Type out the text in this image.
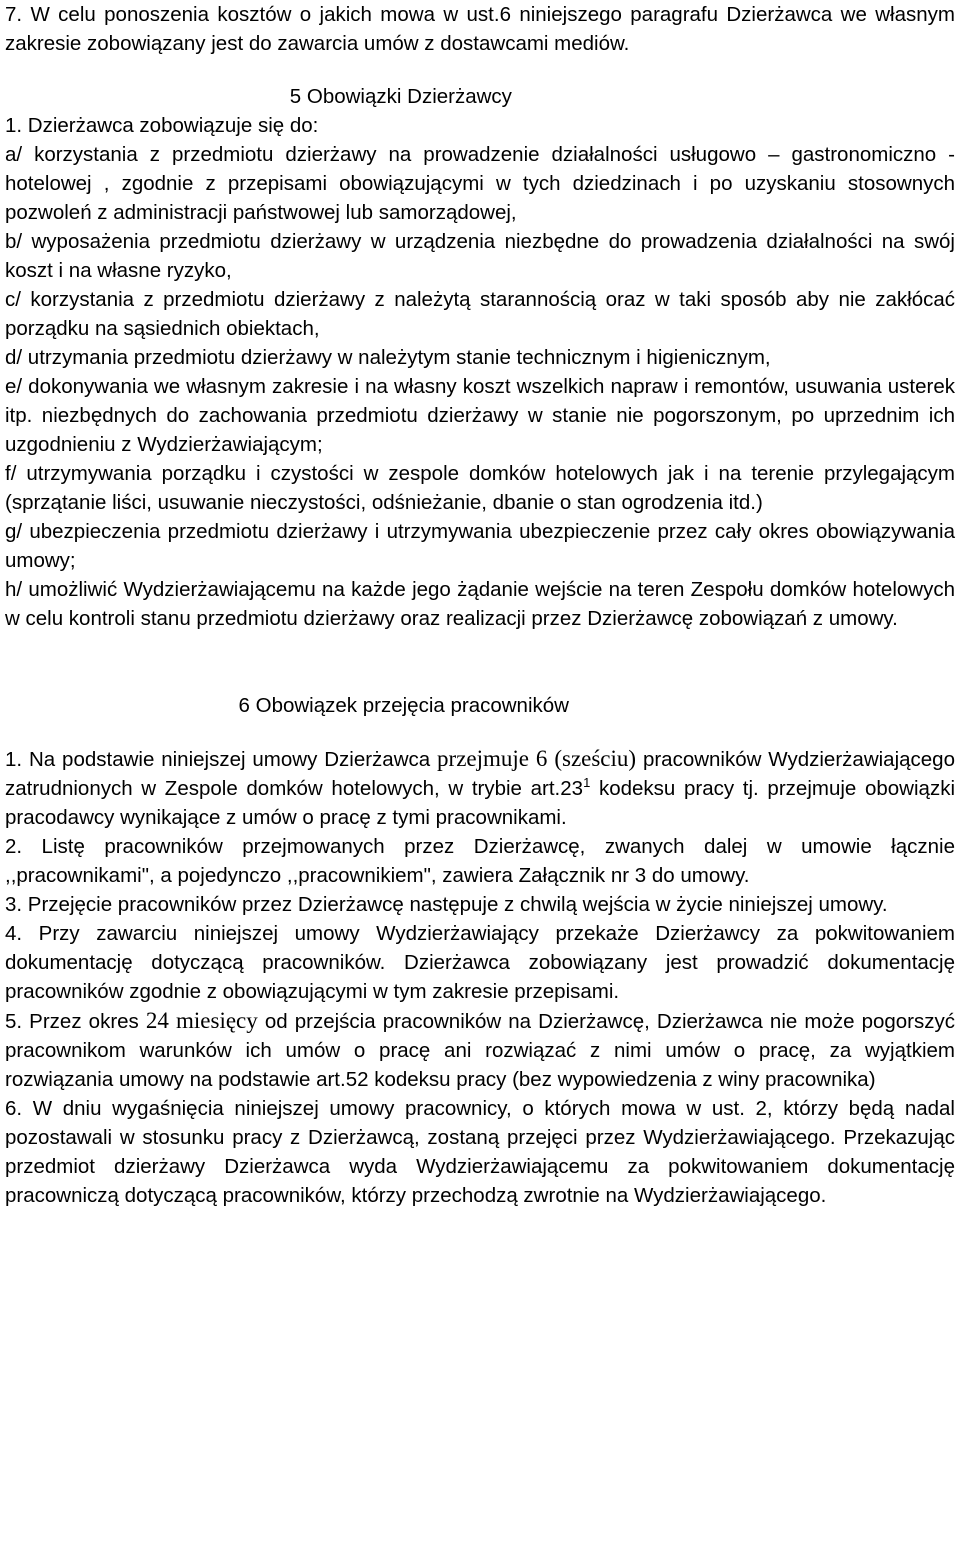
7. W celu ponoszenia kosztów o jakich mowa w ust.6 niniejszego paragrafu Dzierżawca we własnym zakresie zobowiązany jest do zawarcia umów z dostawcami mediów.

5 Obowiązki Dzierżawcy

1. Dzierżawca zobowiązuje się do:

a/ korzystania z przedmiotu dzierżawy na prowadzenie działalności usługowo – gastronomiczno - hotelowej , zgodnie z przepisami obowiązującymi w tych dziedzinach i po uzyskaniu stosownych pozwoleń z administracji państwowej lub samorządowej,

b/ wyposażenia przedmiotu dzierżawy w urządzenia niezbędne do prowadzenia działalności na swój koszt i na własne ryzyko,

c/ korzystania z przedmiotu dzierżawy z należytą starannością oraz w taki sposób aby nie zakłócać porządku na sąsiednich obiektach,

d/ utrzymania przedmiotu dzierżawy w należytym stanie technicznym i higienicznym,

e/ dokonywania we własnym zakresie i na własny koszt wszelkich napraw i remontów, usuwania usterek itp. niezbędnych do zachowania przedmiotu dzierżawy w stanie nie pogorszonym, po uprzednim ich uzgodnieniu z Wydzierżawiającym;

f/ utrzymywania porządku i czystości w zespole domków hotelowych jak i na terenie przylegającym (sprzątanie liści, usuwanie nieczystości, odśnieżanie, dbanie o stan ogrodzenia itd.)

g/ ubezpieczenia przedmiotu dzierżawy i utrzymywania ubezpieczenie przez cały okres obowiązywania umowy;

h/ umożliwić Wydzierżawiającemu na każde jego żądanie wejście na teren Zespołu domków hotelowych w celu kontroli stanu przedmiotu dzierżawy oraz realizacji przez Dzierżawcę zobowiązań z umowy.

6 Obowiązek przejęcia pracowników

1. Na podstawie niniejszej umowy Dzierżawca przejmuje 6 (sześciu) pracowników Wydzierżawiającego zatrudnionych w Zespole domków hotelowych, w trybie $art.23^1$ kodeksu pracy tj. przejmuje obowiązki pracodawcy wynikające z umów o pracę z tymi pracownikami.

2. Listę pracowników przejmowanych przez Dzierżawcę, zwanych dalej w umowie łącznie ,,pracownikami", a pojedynczo ,,pracownikiem", zawiera Załącznik nr 3 do umowy.

3. Przejęcie pracowników przez Dzierżawcę następuje z chwilą wejścia w życie niniejszej umowy.

4. Przy zawarciu niniejszej umowy Wydzierżawiający przekaże Dzierżawcy za pokwitowaniem dokumentację dotyczącą pracowników. Dzierżawca zobowiązany jest prowadzić dokumentację pracowników zgodnie z obowiązującymi w tym zakresie przepisami.

5. Przez okres 24 miesięcy od przejścia pracowników na Dzierżawcę, Dzierżawca nie może pogorszyć pracownikom warunków ich umów o pracę ani rozwiązać z nimi umów o pracę, za wyjątkiem rozwiązania umowy na podstawie art.52 kodeksu pracy (bez wypowiedzenia z winy pracownika)

6. W dniu wygaśnięcia niniejszej umowy pracownicy, o których mowa w ust. 2, którzy będą nadal pozostawali w stosunku pracy z Dzierżawcą, zostaną przejęci przez Wydzierżawiającego. Przekazując przedmiot dzierżawy Dzierżawca wyda Wydzierżawiającemu za pokwitowaniem dokumentację pracowniczą dotyczącą pracowników, którzy przechodzą zwrotnie na Wydzierżawiającego.
